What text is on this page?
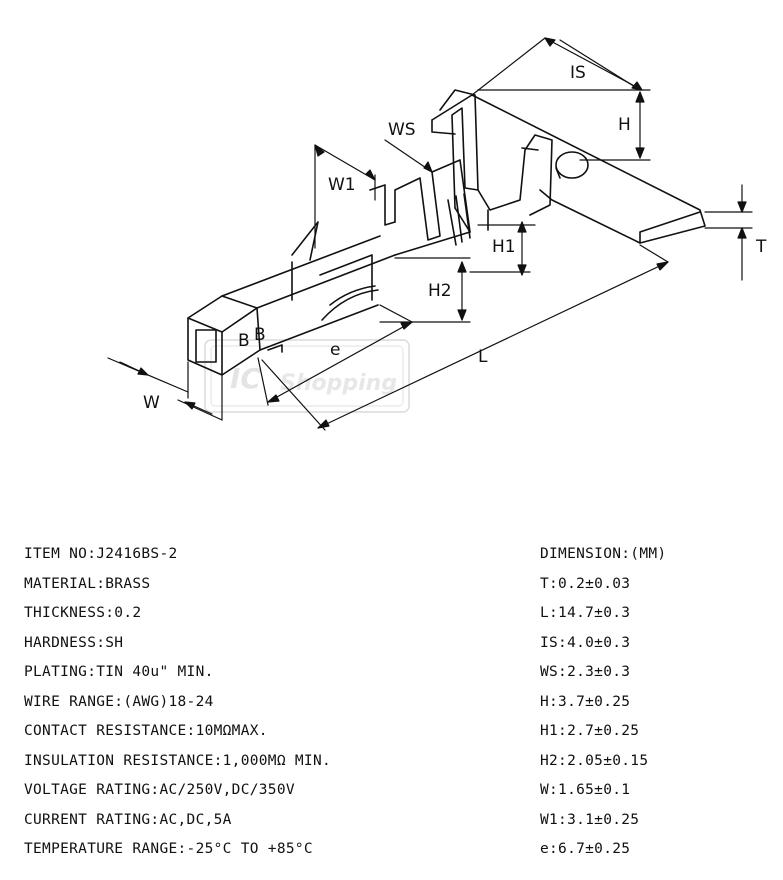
IC Shopping
B B
IS
H
WS
W1
H1	T
H2
e	L
W
ITEM NO:J2416BS-2
MATERIAL:BRASS
THICKNESS:0.2
HARDNESS:SH
PLATING:TIN 40u" MIN.
WIRE RANGE:(AWG)18-24
CONTACT RESISTANCE:10MΩMAX.
INSULATION RESISTANCE:1,000MΩ MIN.
VOLTAGE RATING:AC/250V,DC/350V
CURRENT RATING:AC,DC,5A
TEMPERATURE RANGE:-25°C TO +85°C
DIMENSION:(MM)
T:0.2±0.03
L:14.7±0.3
IS:4.0±0.3
WS:2.3±0.3
H:3.7±0.25
H1:2.7±0.25
H2:2.05±0.15
W:1.65±0.1
W1:3.1±0.25
e:6.7±0.25
